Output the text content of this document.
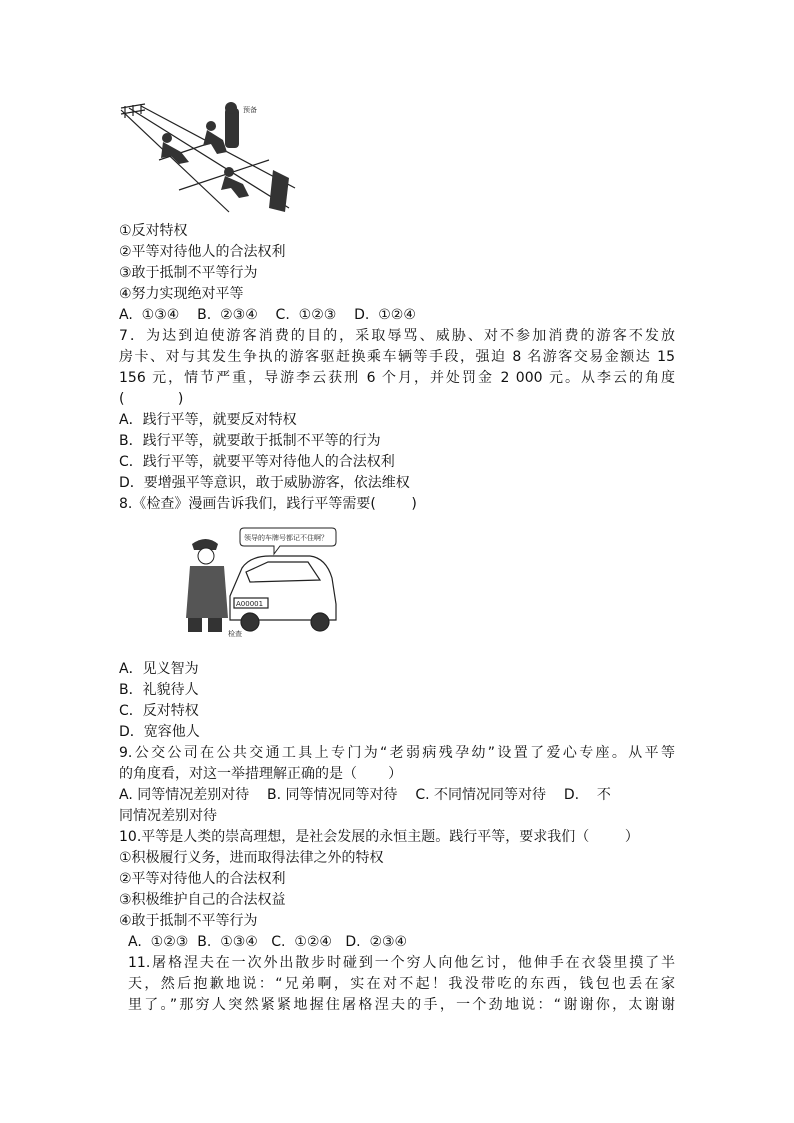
预备
①反对特权
②平等对待他人的合法权利
③敢于抵制不平等行为
④努力实现绝对平等
A.  ①③④    B.  ②③④    C.  ①②③    D.  ①②④
7．为达到迫使游客消费的目的，采取辱骂、威胁、对不参加消费的游客不发放
房卡、对与其发生争执的游客驱赶换乘车辆等手段，强迫 8 名游客交易金额达 15
156 元，情节严重，导游李云获刑 6 个月，并处罚金 2 000 元。从李云的角度
(            )
A．践行平等，就要反对特权
B．践行平等，就要敢于抵制不平等的行为
C．践行平等，就要平等对待他人的合法权利
D．要增强平等意识，敢于威胁游客，依法维权
8.《检查》漫画告诉我们，践行平等需要(        )
领导的车牌号都记不住啊？
A00001
检查
A．见义智为
B．礼貌待人
C．反对特权
D．宽容他人
9.公交公司在公共交通工具上专门为“老弱病残孕幼”设置了爱心专座。从平等
的角度看，对这一举措理解正确的是（       ）
A. 同等情况差别对待    B. 同等情况同等对待    C. 不同情况同等对待    D.    不
同情况差别对待
10.平等是人类的崇高理想，是社会发展的永恒主题。践行平等，要求我们（        ）
①积极履行义务，进而取得法律之外的特权
②平等对待他人的合法权利
③积极维护自己的合法权益
④敢于抵制不平等行为
A.  ①②③  B.  ①③④   C.  ①②④   D.  ②③④
11.屠格涅夫在一次外出散步时碰到一个穷人向他乞讨，他伸手在衣袋里摸了半
天，然后抱歉地说：“兄弟啊，实在对不起！我没带吃的东西，钱包也丢在家
里了。”那穷人突然紧紧地握住屠格涅夫的手，一个劲地说：“谢谢你，太谢谢
